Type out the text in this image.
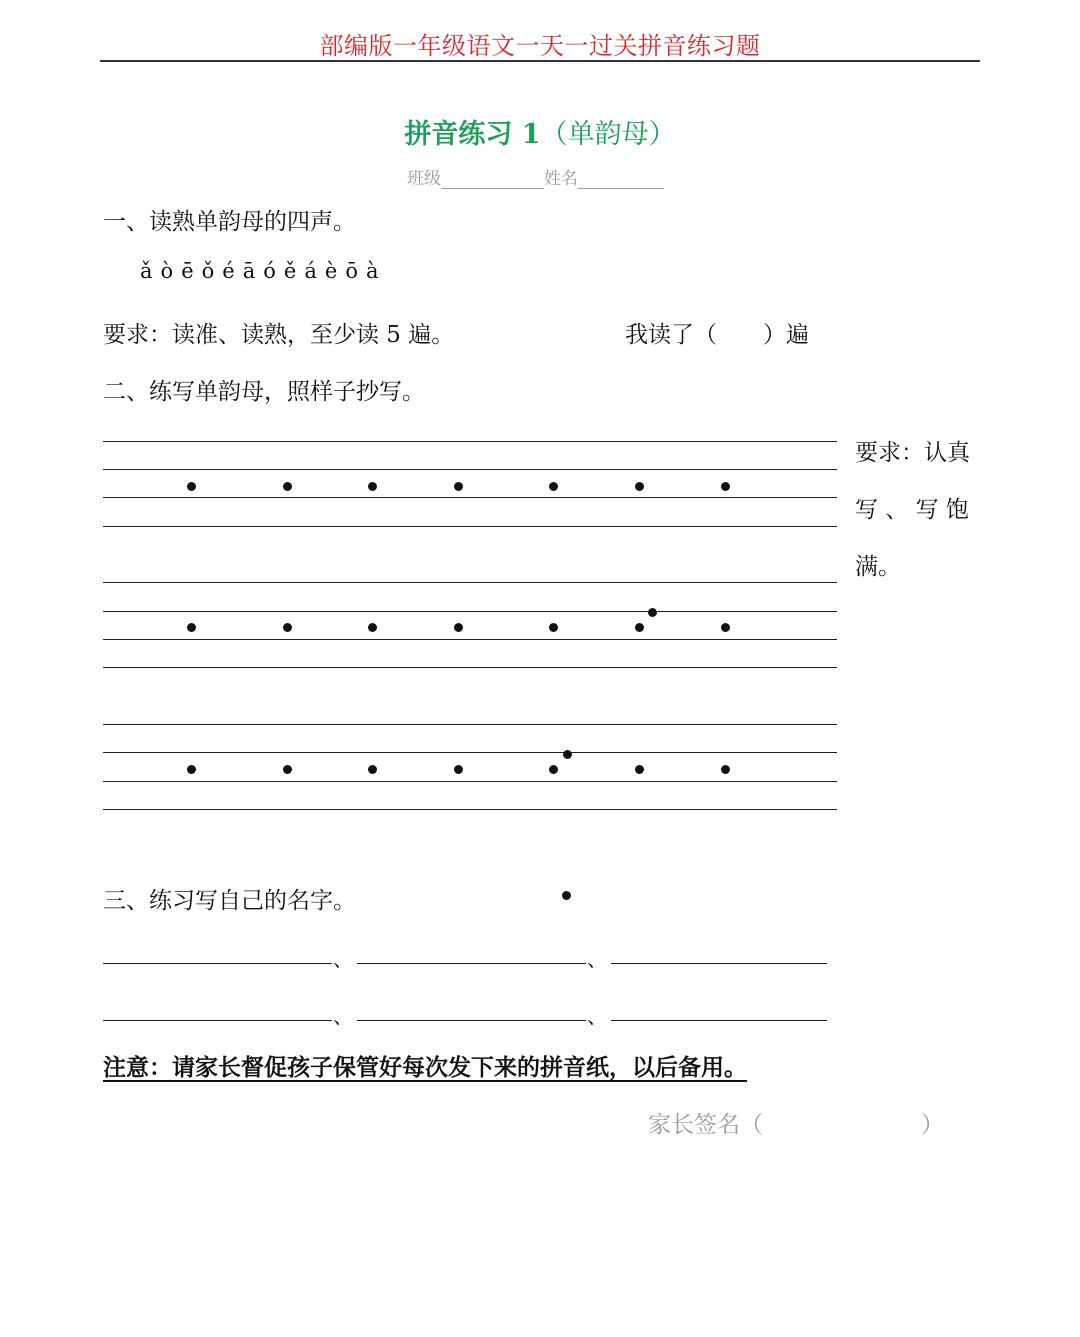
部编版一年级语文一天一过关拼音练习题
拼音练习 1（单韵母）
班级	姓名
一、读熟单韵母的四声。
ǎ ò ē ǒ é ā ó ě á è ō à
要求：读准、读熟，至少读 5 遍。	我读了（　　）遍
二、练写单韵母，照样子抄写。
要求：认真
写 、 写 饱
满。
三、练习写自己的名字。
、	、
、	、
注意：请家长督促孩子保管好每次发下来的拼音纸，以后备用。
家长签名（	）
